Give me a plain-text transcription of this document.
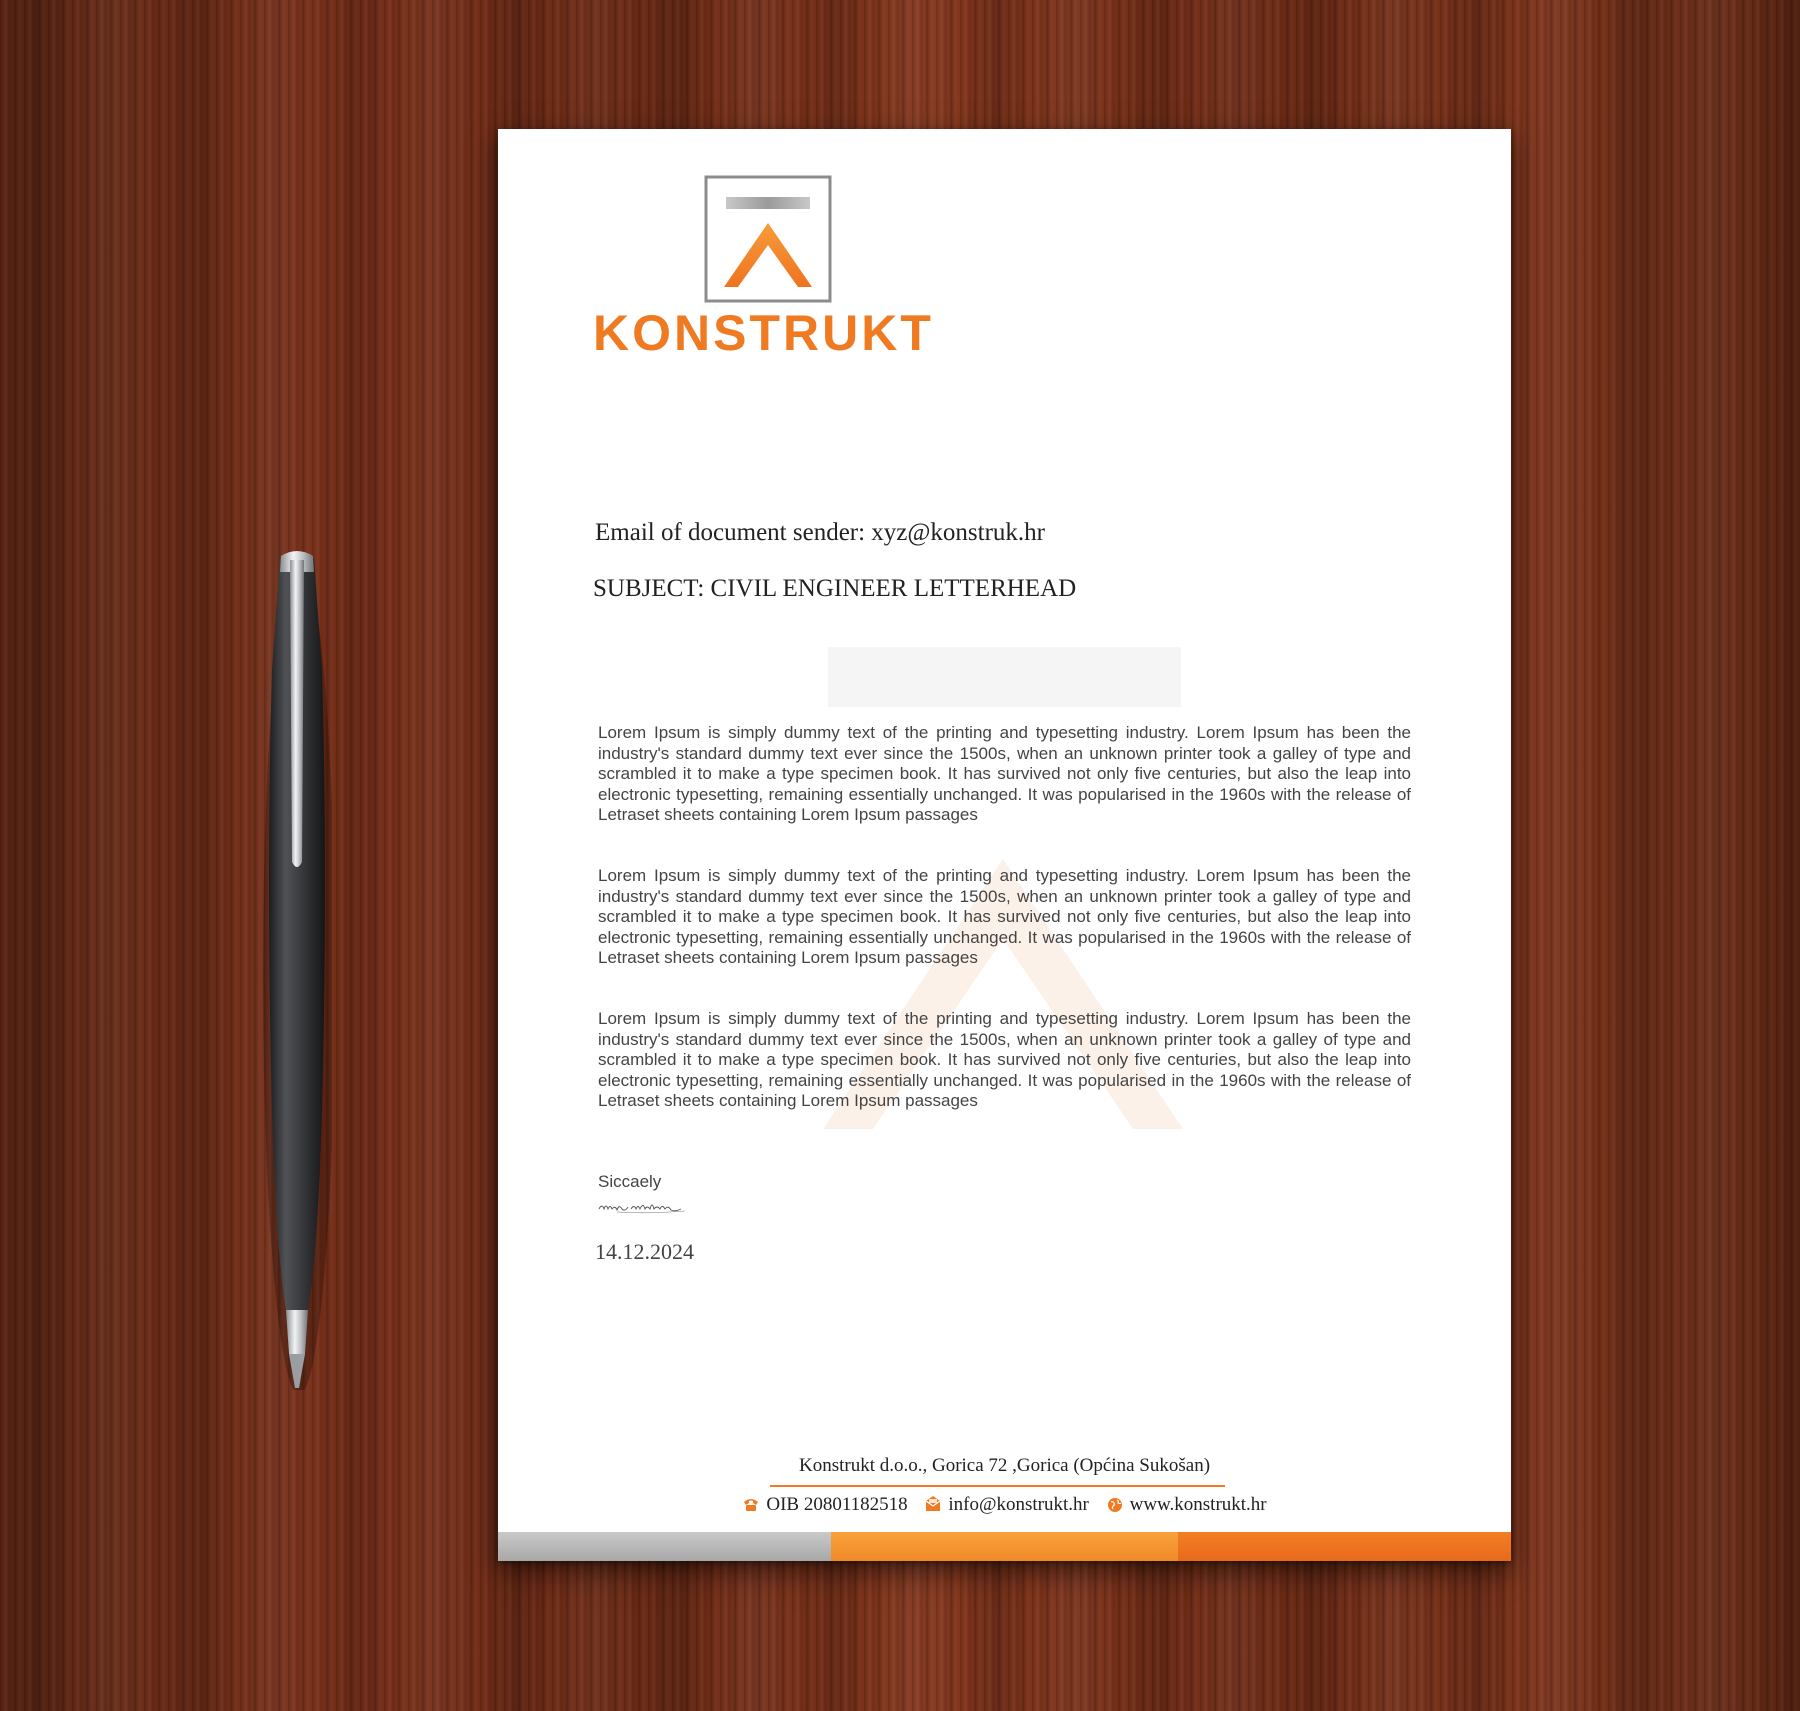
KONSTRUKT
Email of document sender: xyz@konstruk.hr
SUBJECT: CIVIL ENGINEER LETTERHEAD
Lorem Ipsum is simply dummy text of the printing and typesetting industry. Lorem Ipsum has been the industry's standard dummy text ever since the 1500s, when an unknown printer took a galley of type and scrambled it to make a type specimen book. It has survived not only five centuries, but also the leap into electronic typesetting, remaining essentially unchanged. It was popularised in the 1960s with the release of Letraset sheets containing Lorem Ipsum passages
Lorem Ipsum is simply dummy text of the printing and typesetting industry. Lorem Ipsum has been the industry's standard dummy text ever since the 1500s, when an unknown printer took a galley of type and scrambled it to make a type specimen book. It has survived not only five centuries, but also the leap into electronic typesetting, remaining essentially unchanged. It was popularised in the 1960s with the release of Letraset sheets containing Lorem Ipsum passages
Lorem Ipsum is simply dummy text of the printing and typesetting industry. Lorem Ipsum has been the industry's standard dummy text ever since the 1500s, when an unknown printer took a galley of type and scrambled it to make a type specimen book. It has survived not only five centuries, but also the leap into electronic typesetting, remaining essentially unchanged. It was popularised in the 1960s with the release of Letraset sheets containing Lorem Ipsum passages
Siccaely
14.12.2024
Konstrukt d.o.o., Gorica 72 ,Gorica (Općina Sukošan)
OIB 20801182518 info@konstrukt.hr www.konstrukt.hr
